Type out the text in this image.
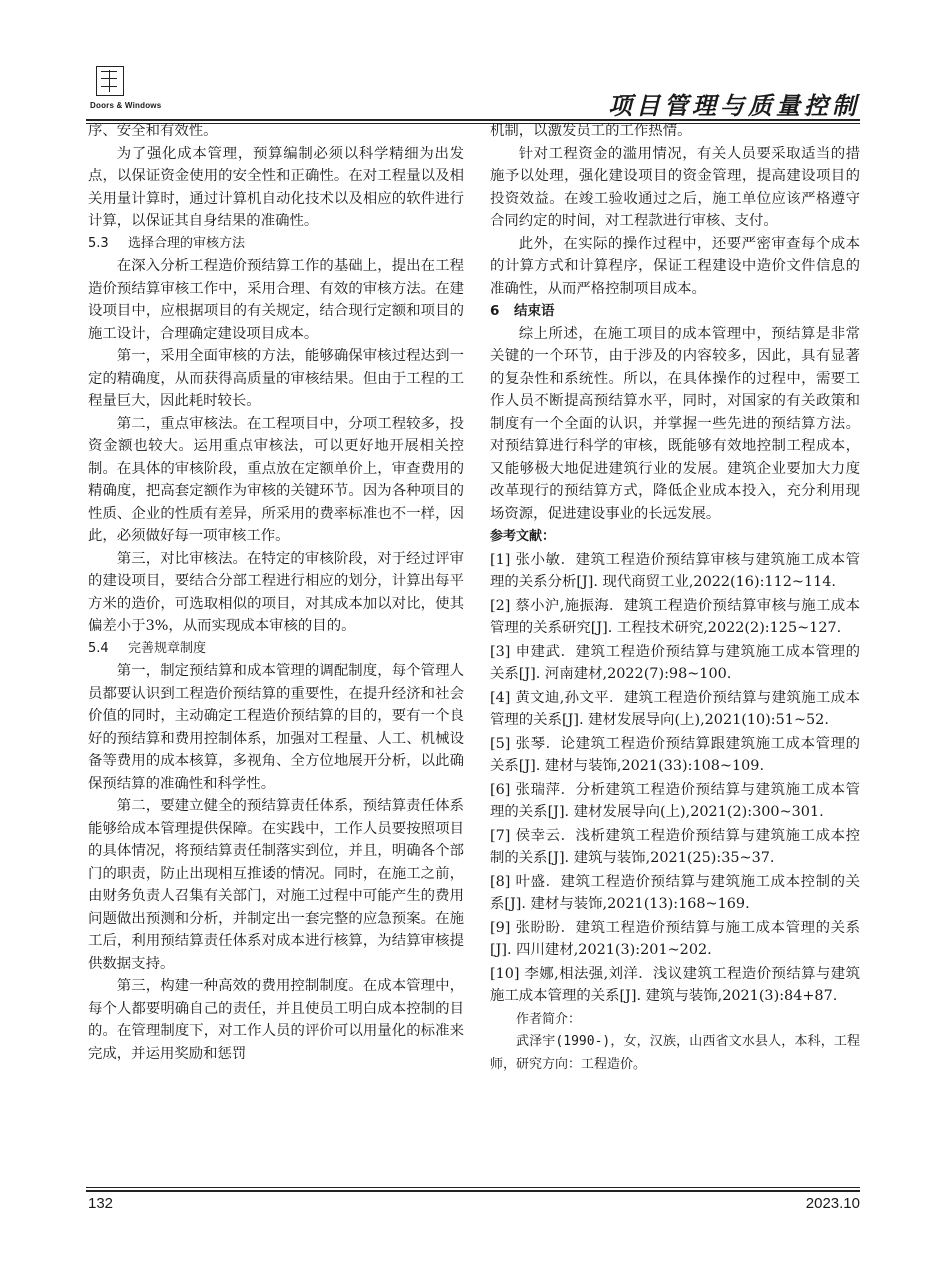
Doors & Windows	项目管理与质量控制

序、安全和有效性。

为了强化成本管理，预算编制必须以科学精细为出发点，以保证资金使用的安全性和正确性。在对工程量以及相关用量计算时，通过计算机自动化技术以及相应的软件进行计算，以保证其自身结果的准确性。

5.3 选择合理的审核方法

在深入分析工程造价预结算工作的基础上，提出在工程造价预结算审核工作中，采用合理、有效的审核方法。在建设项目中，应根据项目的有关规定，结合现行定额和项目的施工设计，合理确定建设项目成本。

第一，采用全面审核的方法，能够确保审核过程达到一定的精确度，从而获得高质量的审核结果。但由于工程的工程量巨大，因此耗时较长。

第二，重点审核法。在工程项目中，分项工程较多，投资金额也较大。运用重点审核法，可以更好地开展相关控制。在具体的审核阶段，重点放在定额单价上，审查费用的精确度，把高套定额作为审核的关键环节。因为各种项目的性质、企业的性质有差异，所采用的费率标准也不一样，因此，必须做好每一项审核工作。

第三，对比审核法。在特定的审核阶段，对于经过评审的建设项目，要结合分部工程进行相应的划分，计算出每平方米的造价，可选取相似的项目，对其成本加以对比，使其偏差小于3%，从而实现成本审核的目的。

5.4 完善规章制度

第一，制定预结算和成本管理的调配制度，每个管理人员都要认识到工程造价预结算的重要性，在提升经济和社会价值的同时，主动确定工程造价预结算的目的，要有一个良好的预结算和费用控制体系，加强对工程量、人工、机械设备等费用的成本核算，多视角、全方位地展开分析，以此确保预结算的准确性和科学性。

第二，要建立健全的预结算责任体系，预结算责任体系能够给成本管理提供保障。在实践中，工作人员要按照项目的具体情况，将预结算责任制落实到位，并且，明确各个部门的职责，防止出现相互推诿的情况。同时，在施工之前，由财务负责人召集有关部门，对施工过程中可能产生的费用问题做出预测和分析，并制定出一套完整的应急预案。在施工后，利用预结算责任体系对成本进行核算，为结算审核提供数据支持。

第三，构建一种高效的费用控制制度。在成本管理中，每个人都要明确自己的责任，并且使员工明白成本控制的目的。在管理制度下，对工作人员的评价可以用量化的标准来完成，并运用奖励和惩罚

机制，以激发员工的工作热情。

针对工程资金的滥用情况，有关人员要采取适当的措施予以处理，强化建设项目的资金管理，提高建设项目的投资效益。在竣工验收通过之后，施工单位应该严格遵守合同约定的时间，对工程款进行审核、支付。

此外，在实际的操作过程中，还要严密审查每个成本的计算方式和计算程序，保证工程建设中造价文件信息的准确性，从而严格控制项目成本。

6 结束语

综上所述，在施工项目的成本管理中，预结算是非常关键的一个环节，由于涉及的内容较多，因此，具有显著的复杂性和系统性。所以，在具体操作的过程中，需要工作人员不断提高预结算水平，同时，对国家的有关政策和制度有一个全面的认识，并掌握一些先进的预结算方法。对预结算进行科学的审核，既能够有效地控制工程成本，又能够极大地促进建筑行业的发展。建筑企业要加大力度改革现行的预结算方式，降低企业成本投入，充分利用现场资源，促进建设事业的长远发展。

参考文献：

[1] 张小敏．建筑工程造价预结算审核与建筑施工成本管理的关系分析[J]. 现代商贸工业,2022(16):112~114.

[2] 蔡小沪,施振海．建筑工程造价预结算审核与施工成本管理的关系研究[J]. 工程技术研究,2022(2):125~127.

[3] 申建武．建筑工程造价预结算与建筑施工成本管理的关系[J]. 河南建材,2022(7):98~100.

[4] 黄文迪,孙文平．建筑工程造价预结算与建筑施工成本管理的关系[J]. 建材发展导向(上),2021(10):51~52.

[5] 张琴．论建筑工程造价预结算跟建筑施工成本管理的关系[J]. 建材与装饰,2021(33):108~109.

[6] 张瑞萍．分析建筑工程造价预结算与建筑施工成本管理的关系[J]. 建材发展导向(上),2021(2):300~301.

[7] 侯幸云．浅析建筑工程造价预结算与建筑施工成本控制的关系[J]. 建筑与装饰,2021(25):35~37.

[8] 叶盛．建筑工程造价预结算与建筑施工成本控制的关系[J]. 建材与装饰,2021(13):168~169.

[9] 张盼盼．建筑工程造价预结算与施工成本管理的关系[J]. 四川建材,2021(3):201~202.

[10] 李娜,相法强,刘洋．浅议建筑工程造价预结算与建筑施工成本管理的关系[J]. 建筑与装饰,2021(3):84+87.

作者简介：

武泽宇(1990-)，女，汉族，山西省文水县人，本科，工程师，研究方向：工程造价。

132	2023.10
